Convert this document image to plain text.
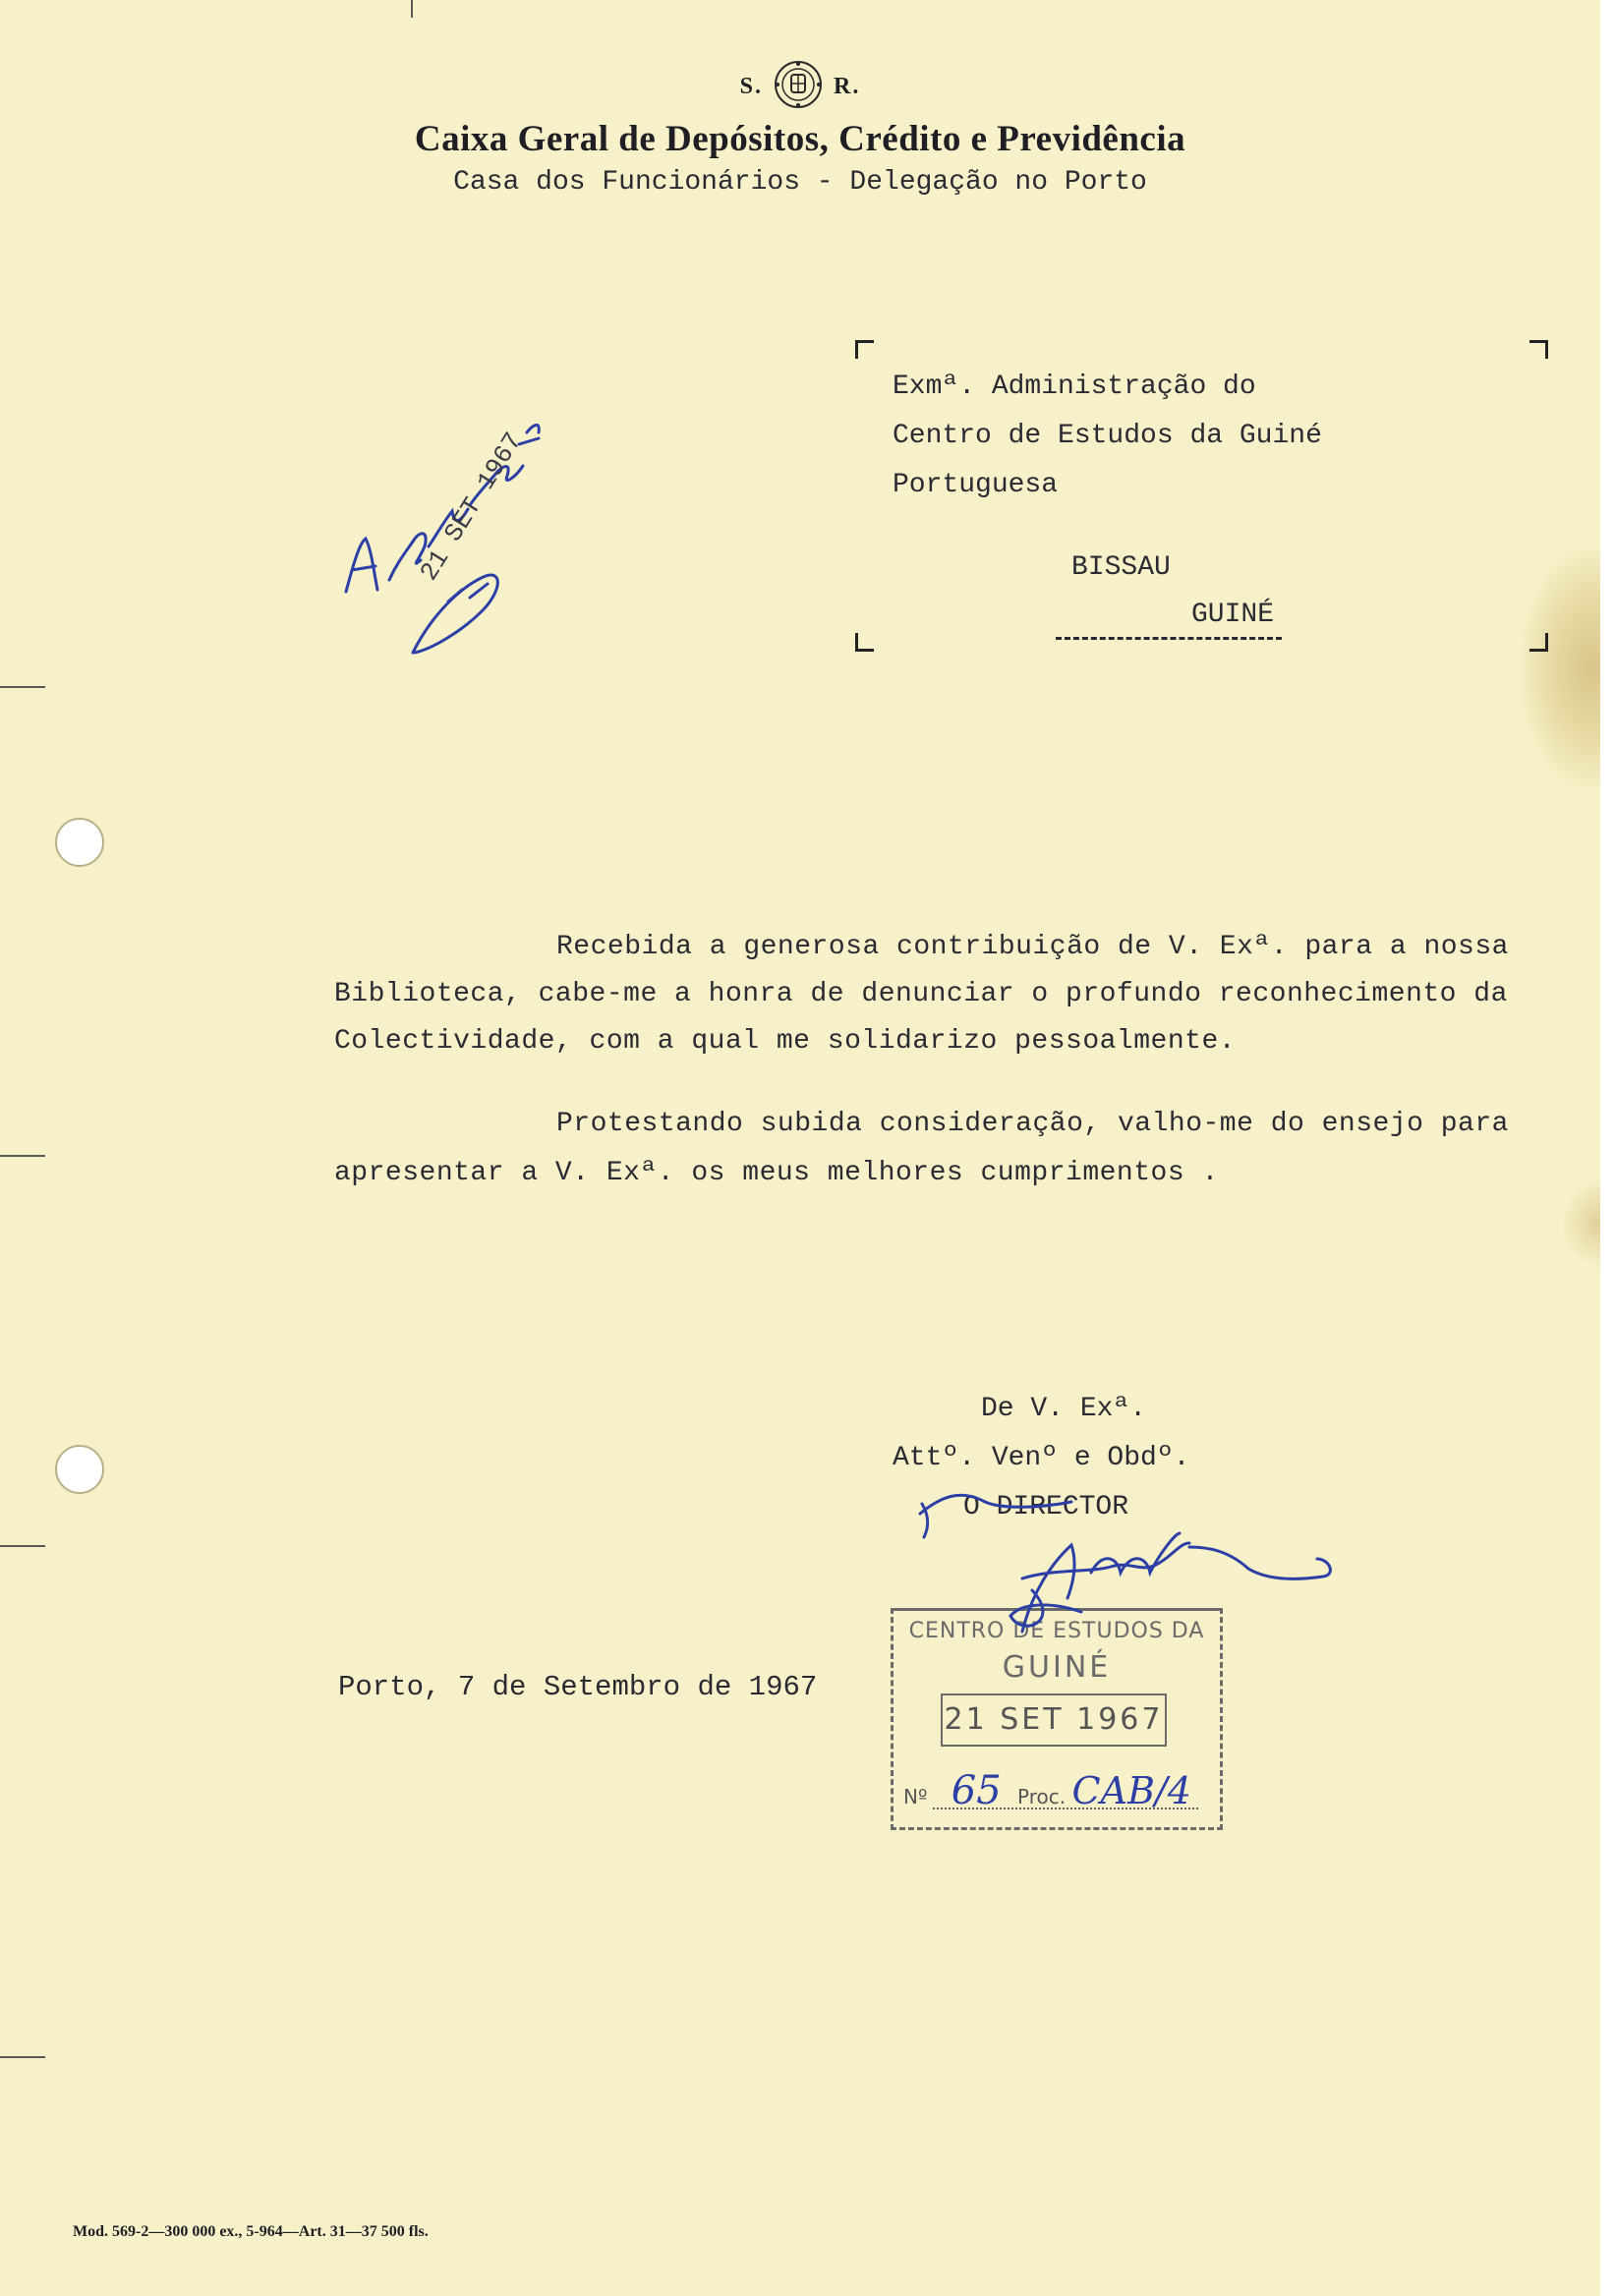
S.	R.
Caixa Geral de Depósitos, Crédito e Previdência
Casa dos Funcionários - Delegação no Porto
Exmª. Administração do
Centro de Estudos da Guiné
Portuguesa
BISSAU
GUINÉ
Recebida a generosa contribuição de V. Exª. para a nossa
Biblioteca, cabe-me a honra de denunciar o profundo reconhecimento da
Colectividade, com a qual me solidarizo pessoalmente.
Protestando subida consideração, valho-me do ensejo para
apresentar a V. Exª. os meus melhores cumprimentos .
De V. Exª.
Attº. Venº e Obdº.
O DIRECTOR
Porto, 7 de Setembro de 1967
CENTRO DE ESTUDOS DA
GUINÉ
21 SET 1967
Nº 65 Proc. CAB/4
21 SET 1967
Mod. 569-2—300 000 ex., 5-964—Art. 31—37 500 fls.
